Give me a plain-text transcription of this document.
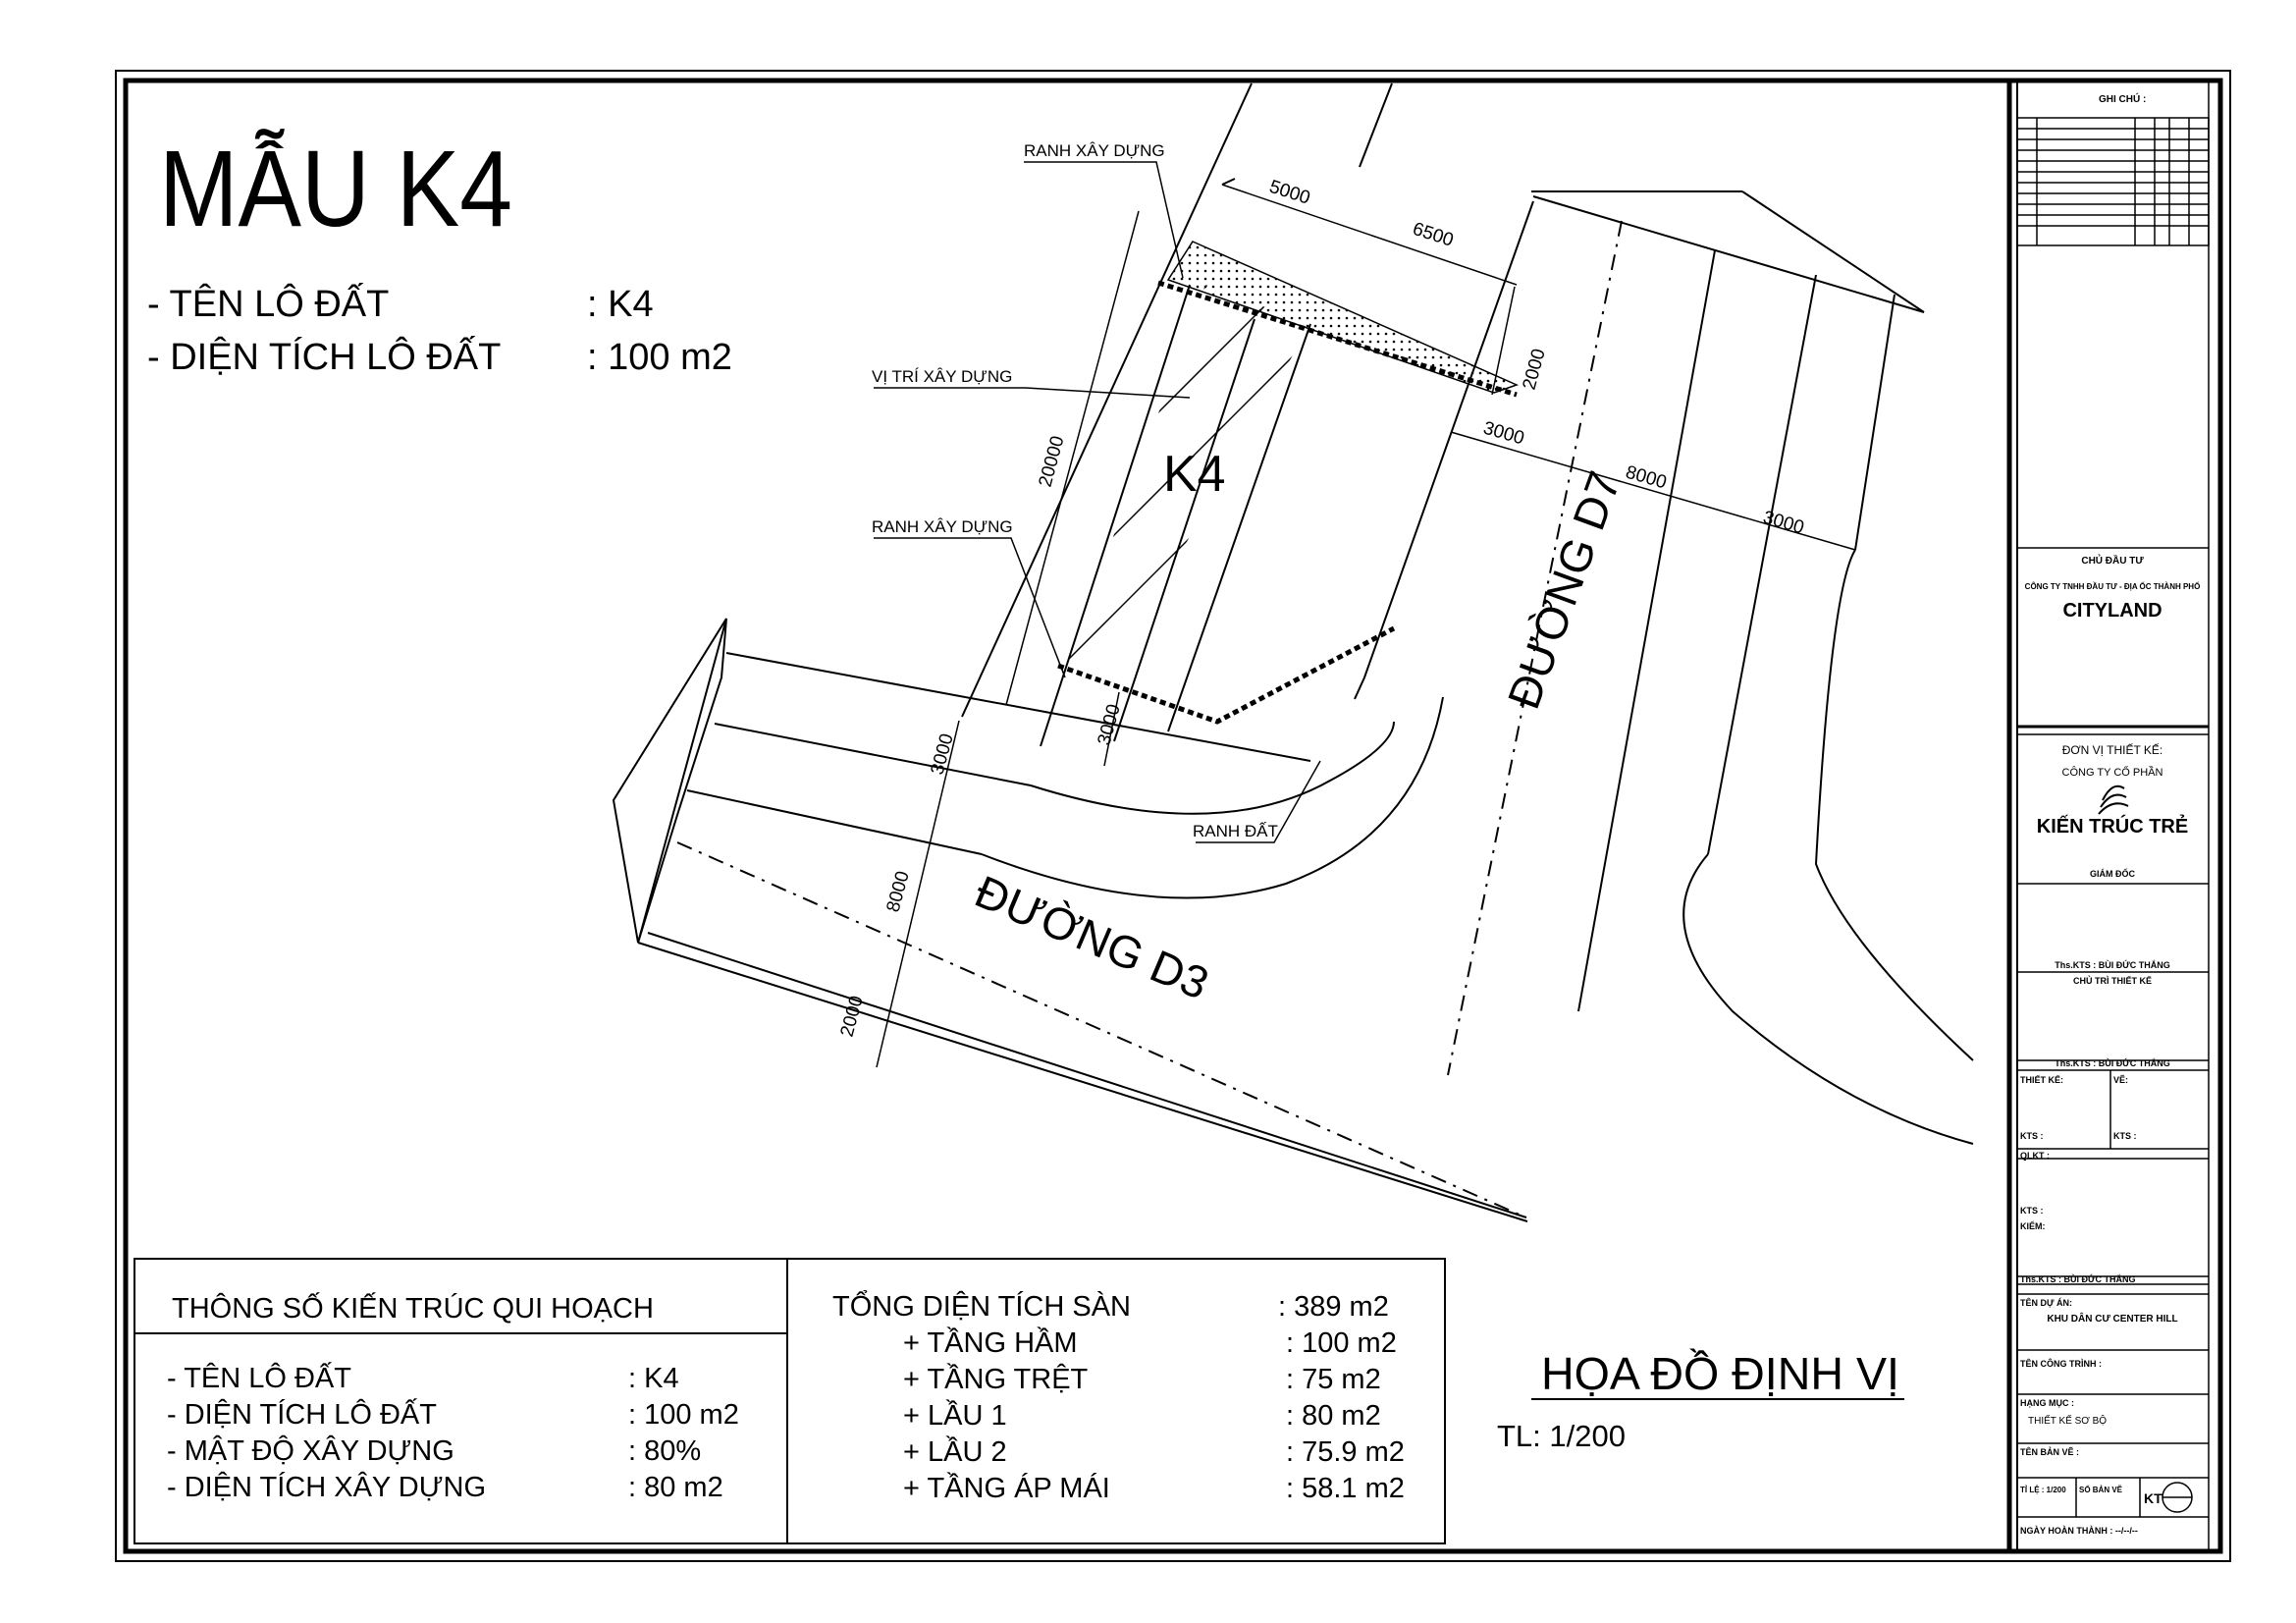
MẪU K4
- TÊN LÔ ĐẤT	: K4
- DIỆN TÍCH LÔ ĐẤT : 100 m2
K4	ĐƯỜNG D7
ĐƯỜNG D3
RANH XÂY DỰNG
VỊ TRÍ XÂY DỰNG
RANH XÂY DỰNG
RANH ĐẤT
5000
6500
2000
3000
8000
3000
20000
3000
3000
8000
2000
THÔNG SỐ KIẾN TRÚC QUI HOẠCH
- TÊN LÔ ĐẤT	: K4
- DIỆN TÍCH LÔ ĐẤT	: 100 m2
- MẬT ĐỘ XÂY DỰNG	: 80%
- DIỆN TÍCH XÂY DỰNG	: 80 m2
TỔNG DIỆN TÍCH SÀN	: 389 m2
+ TẦNG HẦM	: 100 m2
+ TẦNG TRỆT	: 75 m2
+ LẦU 1	: 80 m2
+ LẦU 2	: 75.9 m2
+ TẦNG ÁP MÁI	: 58.1 m2
HỌA ĐỒ ĐỊNH VỊ
TL: 1/200
GHI CHÚ :
CHỦ ĐẦU TƯ
CÔNG TY TNHH ĐẦU TƯ - ĐỊA ỐC THÀNH PHỐ
CITYLAND
ĐƠN VỊ THIẾT KẾ:
CÔNG TY CỔ PHẦN
KIẾN TRÚC TRẺ
GIÁM ĐỐC
Ths.KTS : BÙI ĐỨC THẮNG
CHỦ TRÌ THIẾT KẾ
Ths.KTS : BÙI ĐỨC THẮNG
THIẾT KẾ:	VẼ:
KTS :	KTS :
QLKT :
KTS :
KIỂM:
Ths.KTS : BÙI ĐỨC THẮNG
TÊN DỰ ÁN:
KHU DÂN CƯ CENTER HILL
TÊN CÔNG TRÌNH :
HẠNG MỤC :
THIẾT KẾ SƠ BỘ
TÊN BẢN VẼ :
TỈ LỆ : 1/200 SỐ BẢN VẼ
KT
NGÀY HOÀN THÀNH : --/--/--
